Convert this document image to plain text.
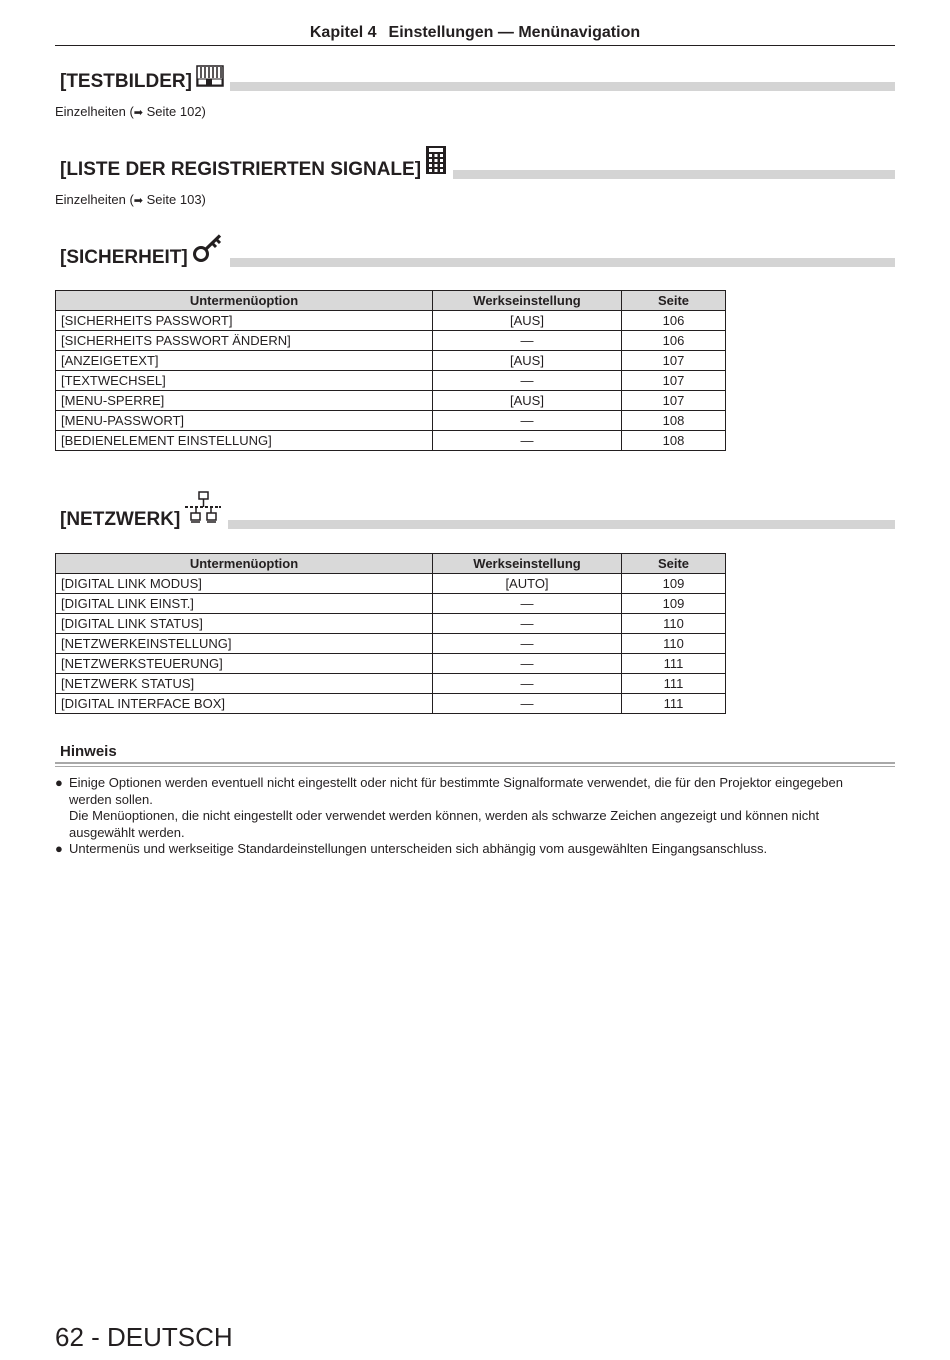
Kapitel 4 Einstellungen — Menünavigation
[TESTBILDER]
Einzelheiten (➡ Seite 102)
[LISTE DER REGISTRIERTEN SIGNALE]
Einzelheiten (➡ Seite 103)
[SICHERHEIT]
Untermenüoption	Werkseinstellung	Seite
[SICHERHEITS PASSWORT]	[AUS]	106
[SICHERHEITS PASSWORT ÄNDERN]	—	106
[ANZEIGETEXT]	[AUS]	107
[TEXTWECHSEL]	—	107
[MENU-SPERRE]	[AUS]	107
[MENU-PASSWORT]	—	108
[BEDIENELEMENT EINSTELLUNG]	—	108
[NETZWERK]
Untermenüoption	Werkseinstellung	Seite
[DIGITAL LINK MODUS]	[AUTO]	109
[DIGITAL LINK EINST.]	—	109
[DIGITAL LINK STATUS]	—	110
[NETZWERKEINSTELLUNG]	—	110
[NETZWERKSTEUERUNG]	—	111
[NETZWERK STATUS]	—	111
[DIGITAL INTERFACE BOX]	—	111
Hinweis
● Einige Optionen werden eventuell nicht eingestellt oder nicht für bestimmte Signalformate verwendet, die für den Projektor eingegeben werden sollen.
Die Menüoptionen, die nicht eingestellt oder verwendet werden können, werden als schwarze Zeichen angezeigt und können nicht ausgewählt werden.
● Untermenüs und werkseitige Standardeinstellungen unterscheiden sich abhängig vom ausgewählten Eingangsanschluss.
62 - DEUTSCH
